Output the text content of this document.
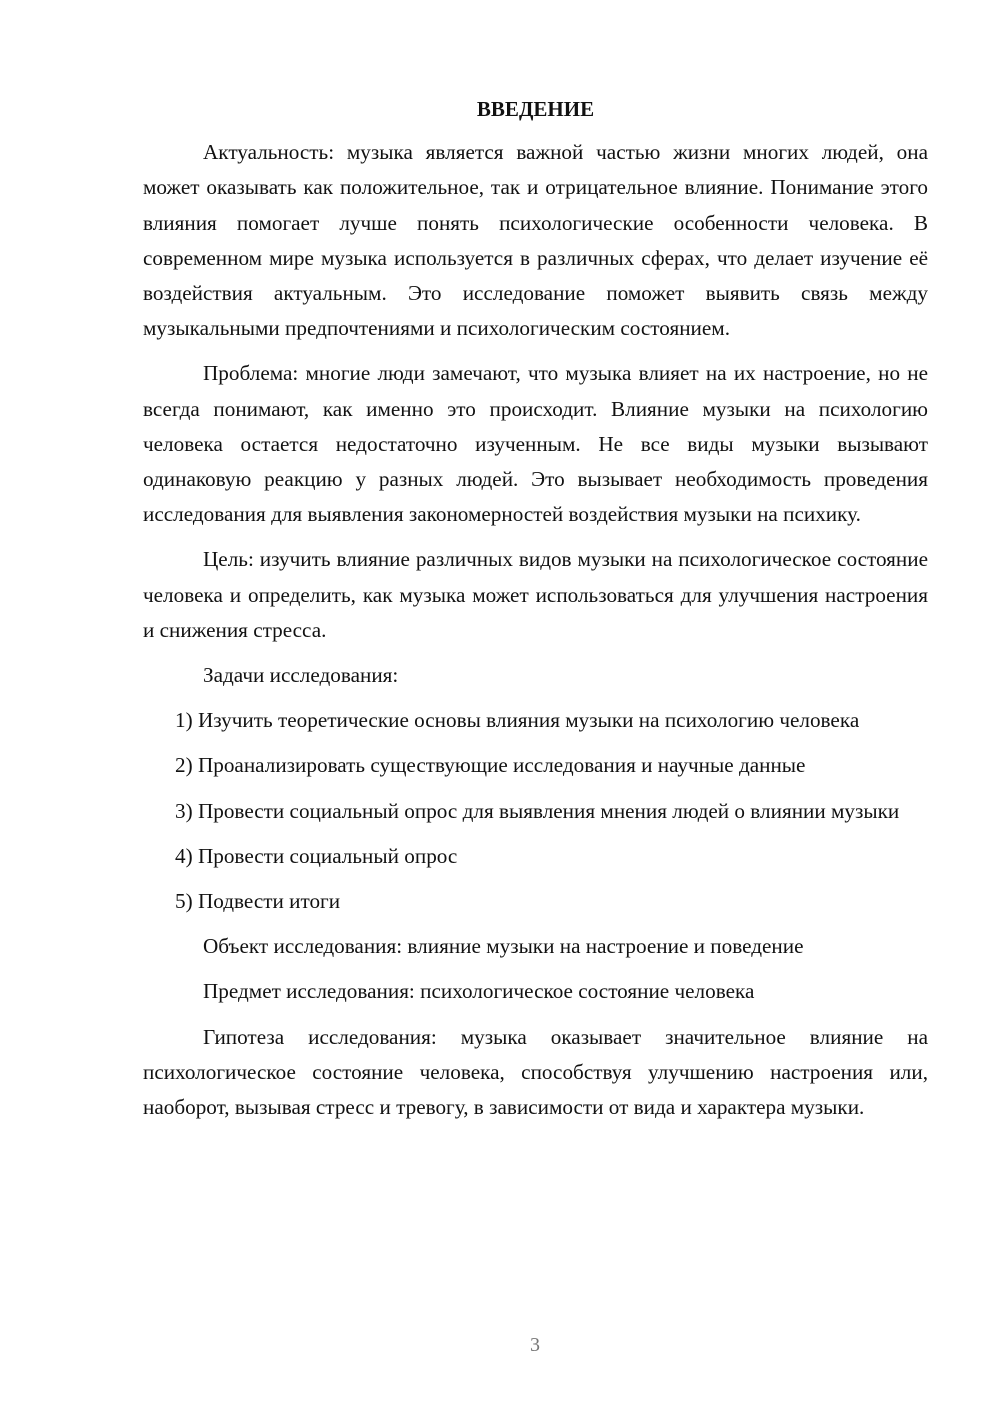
ВВЕДЕНИЕ

Актуальность: музыка является важной частью жизни многих людей, она может оказывать как положительное, так и отрицательное влияние. Понимание этого влияния помогает лучше понять психологические особенности человека. В современном мире музыка используется в различных сферах, что делает изучение её воздействия актуальным. Это исследование поможет выявить связь между музыкальными предпочтениями и психологическим состоянием.

Проблема: многие люди замечают, что музыка влияет на их настроение, но не всегда понимают, как именно это происходит. Влияние музыки на психологию человека остается недостаточно изученным. Не все виды музыки вызывают одинаковую реакцию у разных людей. Это вызывает необходимость проведения исследования для выявления закономерностей воздействия музыки на психику.

Цель: изучить влияние различных видов музыки на психологическое состояние человека и определить, как музыка может использоваться для улучшения настроения и снижения стресса.

Задачи исследования:

1) Изучить теоретические основы влияния музыки на психологию человека

2) Проанализировать существующие исследования и научные данные

3) Провести социальный опрос для выявления мнения людей о влиянии музыки

4) Провести социальный опрос

5) Подвести итоги

Объект исследования: влияние музыки на настроение и поведение

Предмет исследования: психологическое состояние человека

Гипотеза исследования: музыка оказывает значительное влияние на психологическое состояние человека, способствуя улучшению настроения или, наоборот, вызывая стресс и тревогу, в зависимости от вида и характера музыки.

3
